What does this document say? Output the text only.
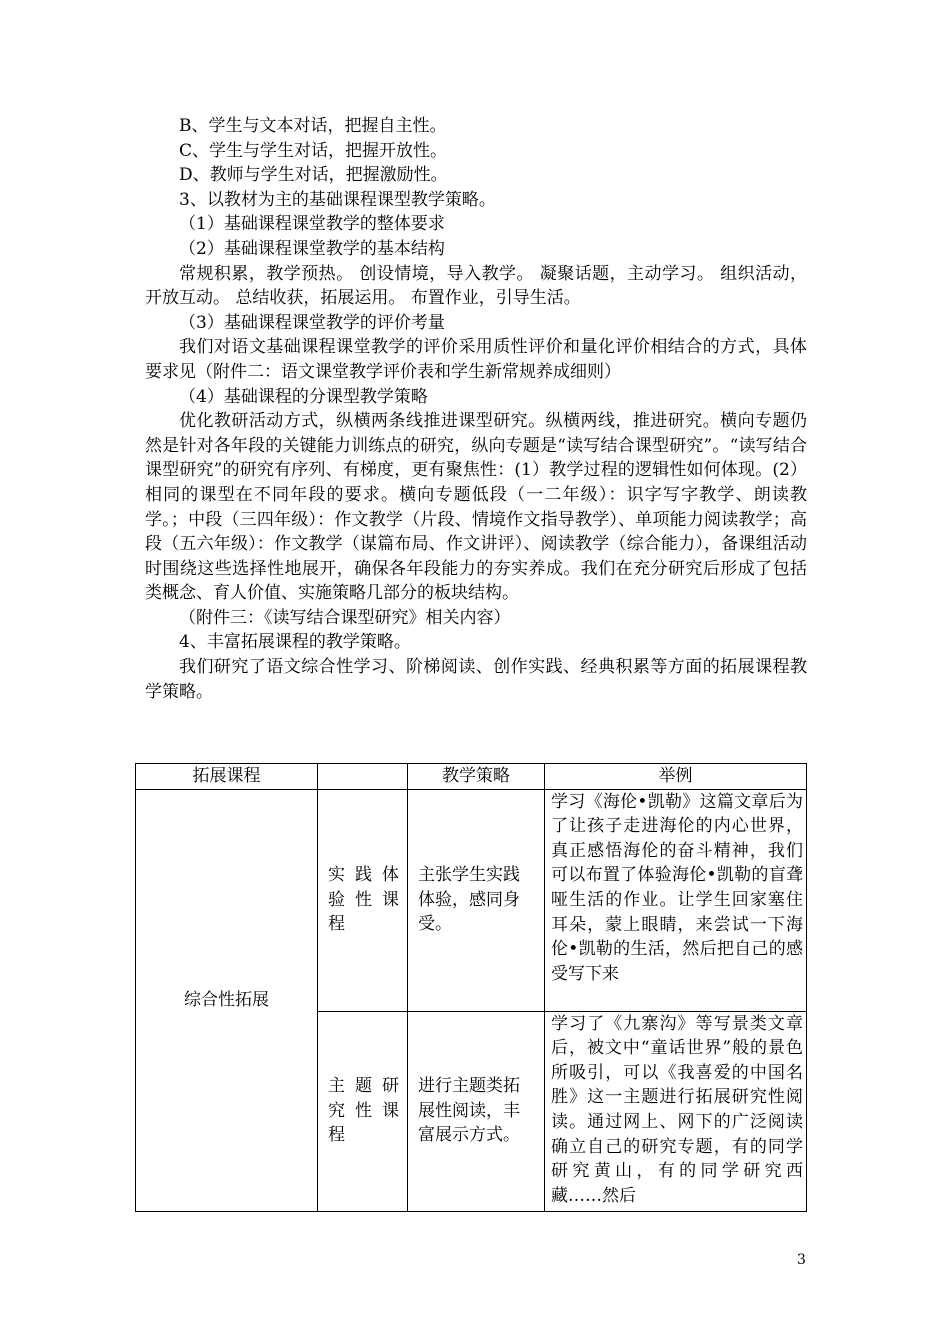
B、学生与文本对话，把握自主性。

C、学生与学生对话，把握开放性。

D、教师与学生对话，把握激励性。

3、以教材为主的基础课程课型教学策略。

（1）基础课程课堂教学的整体要求

（2）基础课程课堂教学的基本结构

常规积累，教学预热。 创设情境，导入教学。 凝聚话题，主动学习。 组织活动，开放互动。 总结收获，拓展运用。 布置作业，引导生活。

（3）基础课程课堂教学的评价考量

我们对语文基础课程课堂教学的评价采用质性评价和量化评价相结合的方式，具体要求见（附件二：语文课堂教学评价表和学生新常规养成细则）

（4）基础课程的分课型教学策略

优化教研活动方式，纵横两条线推进课型研究。纵横两线，推进研究。横向专题仍然是针对各年段的关键能力训练点的研究，纵向专题是“读写结合课型研究”。“读写结合课型研究”的研究有序列、有梯度，更有聚焦性：(1）教学过程的逻辑性如何体现。(2）相同的课型在不同年段的要求。横向专题低段（一二年级）：识字写字教学、朗读教学。；中段（三四年级）：作文教学（片段、情境作文指导教学）、单项能力阅读教学；高段（五六年级）：作文教学（谋篇布局、作文讲评）、阅读教学（综合能力），备课组活动时围绕这些选择性地展开，确保各年段能力的夯实养成。我们在充分研究后形成了包括类概念、育人价值、实施策略几部分的板块结构。

（附件三：《读写结合课型研究》相关内容）

4、丰富拓展课程的教学策略。

我们研究了语文综合性学习、阶梯阅读、创作实践、经典积累等方面的拓展课程教学策略。

拓展课程		教学策略	举例
综合性拓展	实践体验性课程	主张学生实践体验，感同身受。	学习《海伦•凯勒》这篇文章后为了让孩子走进海伦的内心世界，真正感悟海伦的奋斗精神，我们可以布置了体验海伦•凯勒的盲聋哑生活的作业。让学生回家塞住耳朵，蒙上眼睛，来尝试一下海伦•凯勒的生活，然后把自己的感受写下来
	主题研究性课程	进行主题类拓展性阅读，丰富展示方式。	学习了《九寨沟》等写景类文章后，被文中“童话世界”般的景色所吸引，可以《我喜爱的中国名胜》这一主题进行拓展研究性阅读。通过网上、网下的广泛阅读确立自己的研究专题，有的同学研究黄山，有的同学研究西藏……然后
3
